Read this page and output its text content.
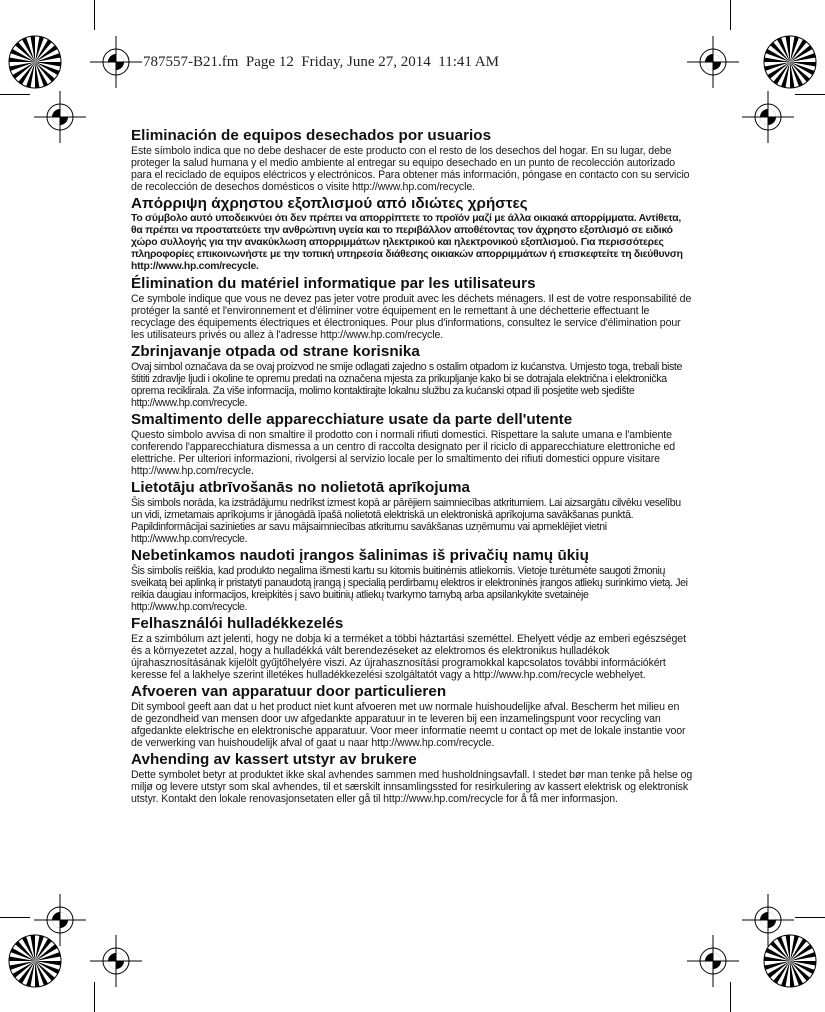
787557-B21.fm  Page 12  Friday, June 27, 2014  11:41 AM
Eliminación de equipos desechados por usuarios

Este símbolo indica que no debe deshacer de este producto con el resto de los desechos del hogar. En su lugar, debe proteger la salud humana y el medio ambiente al entregar su equipo desechado en un punto de recolección autorizado para el reciclado de equipos eléctricos y electrónicos. Para obtener más información, póngase en contacto con su servicio de recolección de desechos domésticos o visite http://www.hp.com/recycle.

Απόρριψη άχρηστου εξοπλισμού από ιδιώτες χρήστες

Το σύμβολο αυτό υποδεικνύει ότι δεν πρέπει να απορρίπτετε το προϊόν μαζί με άλλα οικιακά απορρίμματα. Αντίθετα, θα πρέπει να προστατεύετε την ανθρώπινη υγεία και το περιβάλλον αποθέτοντας τον άχρηστο εξοπλισμό σε ειδικό χώρο συλλογής για την ανακύκλωση απορριμμάτων ηλεκτρικού και ηλεκτρονικού εξοπλισμού. Για περισσότερες πληροφορίες επικοινωνήστε με την τοπική υπηρεσία διάθεσης οικιακών απορριμμάτων ή επισκεφτείτε τη διεύθυνση http://www.hp.com/recycle.

Élimination du matériel informatique par les utilisateurs

Ce symbole indique que vous ne devez pas jeter votre produit avec les déchets ménagers. Il est de votre responsabilité de protéger la santé et l'environnement et d'éliminer votre équipement en le remettant à une déchetterie effectuant le recyclage des équipements électriques et électroniques. Pour plus d'informations, consultez le service d'élimination pour les utilisateurs privés ou allez à l'adresse http://www.hp.com/recycle.

Zbrinjavanje otpada od strane korisnika

Ovaj simbol označava da se ovaj proizvod ne smije odlagati zajedno s ostalim otpadom iz kućanstva. Umjesto toga, trebali biste štititi zdravlje ljudi i okoline te opremu predati na označena mjesta za prikupljanje kako bi se dotrajala električna i elektronička oprema reciklirala. Za više informacija, molimo kontaktirajte lokalnu službu za kućanski otpad ili posjetite web sjedište http://www.hp.com/recycle.

Smaltimento delle apparecchiature usate da parte dell'utente

Questo simbolo avvisa di non smaltire il prodotto con i normali rifiuti domestici. Rispettare la salute umana e l'ambiente conferendo l'apparecchiatura dismessa a un centro di raccolta designato per il riciclo di apparecchiature elettroniche ed elettriche. Per ulteriori informazioni, rivolgersi al servizio locale per lo smaltimento dei rifiuti domestici oppure visitare http://www.hp.com/recycle.

Lietotāju atbrīvošanās no nolietotā aprīkojuma

Šis simbols norāda, ka izstrādājumu nedrīkst izmest kopā ar pārējiem saimniecības atkritumiem. Lai aizsargātu cilvēku veselību un vidi, izmetamais aprīkojums ir jānogādā īpašā nolietotā elektriskā un elektroniskā aprīkojuma savākšanas punktā. Papildinformācijai sazinieties ar savu mājsaimniecības atkritumu savākšanas uzņēmumu vai apmeklējiet vietni http://www.hp.com/recycle.

Nebetinkamos naudoti įrangos šalinimas iš privačių namų ūkių

Šis simbolis reiškia, kad produkto negalima išmesti kartu su kitomis buitinėmis atliekomis. Vietoje turėtumėte saugoti žmonių sveikatą bei aplinką ir pristatyti panaudotą įrangą į specialią perdirbamų elektros ir elektroninės įrangos atliekų surinkimo vietą. Jei reikia daugiau informacijos, kreipkitės į savo buitinių atliekų tvarkymo tarnybą arba apsilankykite svetainėje http://www.hp.com/recycle.

Felhasználói hulladékkezelés

Ez a szimbólum azt jelenti, hogy ne dobja ki a terméket a többi háztartási szeméttel. Ehelyett védje az emberi egészséget és a környezetet azzal, hogy a hulladékká vált berendezéseket az elektromos és elektronikus hulladékok újrahasznosításának kijelölt gyűjtőhelyére viszi. Az újrahasznosítási programokkal kapcsolatos további információkért keresse fel a lakhelye szerint illetékes hulladékkezelési szolgáltatót vagy a http://www.hp.com/recycle webhelyet.

Afvoeren van apparatuur door particulieren

Dit symbool geeft aan dat u het product niet kunt afvoeren met uw normale huishoudelijke afval. Bescherm het milieu en de gezondheid van mensen door uw afgedankte apparatuur in te leveren bij een inzamelingspunt voor recycling van afgedankte elektrische en elektronische apparatuur. Voor meer informatie neemt u contact op met de lokale instantie voor de verwerking van huishoudelijk afval of gaat u naar http://www.hp.com/recycle.

Avhending av kassert utstyr av brukere

Dette symbolet betyr at produktet ikke skal avhendes sammen med husholdningsavfall. I stedet bør man tenke på helse og miljø og levere utstyr som skal avhendes, til et særskilt innsamlingssted for resirkulering av kassert elektrisk og elektronisk utstyr. Kontakt den lokale renovasjonsetaten eller gå til http://www.hp.com/recycle for å få mer informasjon.
